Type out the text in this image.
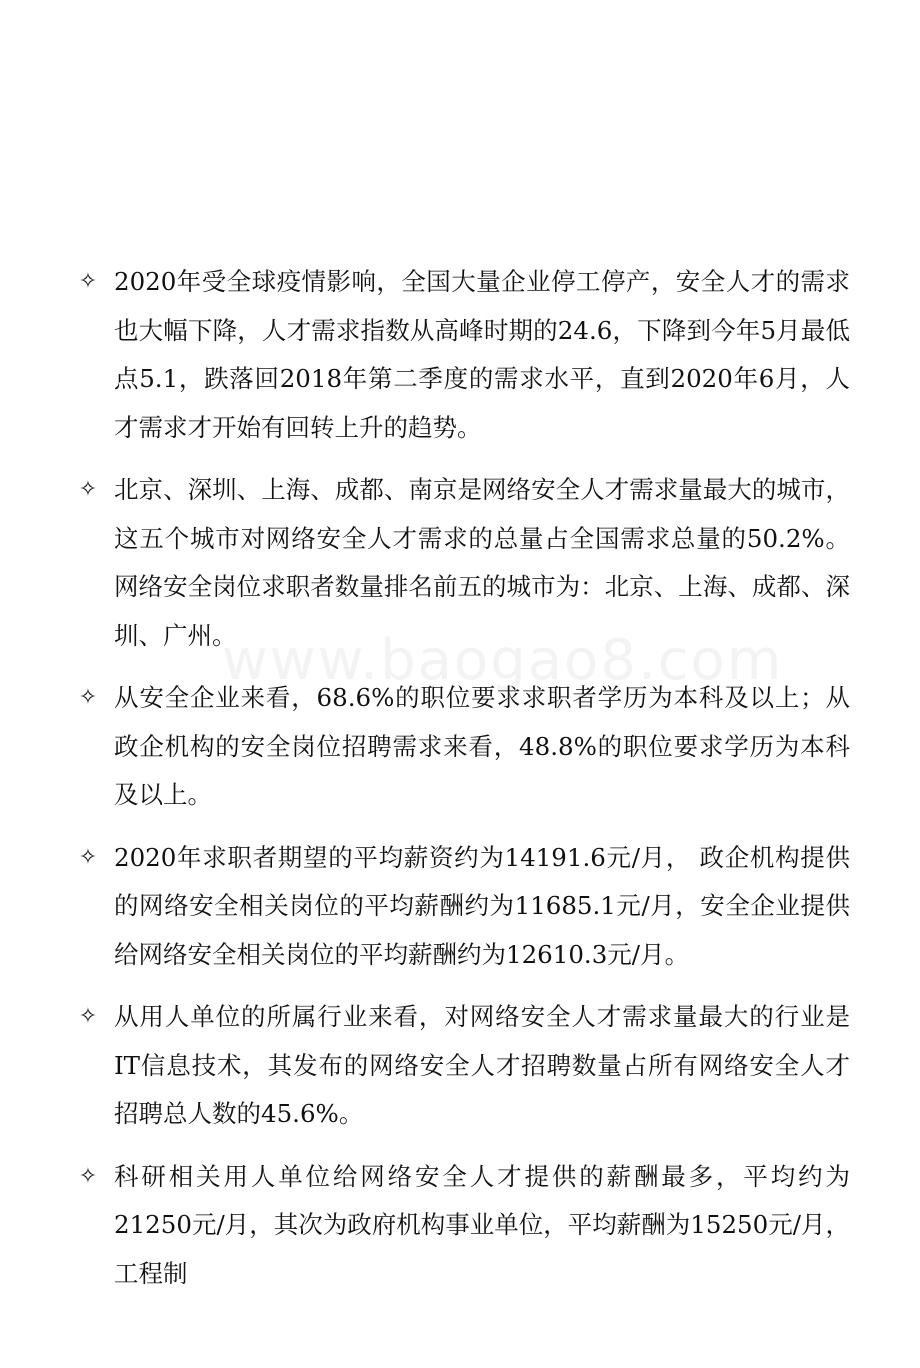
www.baogao8.com
✧ 2020年受全球疫情影响，全国大量企业停工停产，安全人才的需求也大幅下降，人才需求指数从高峰时期的24.6，下降到今年5月最低点5.1，跌落回2018年第二季度的需求水平，直到2020年6月，人才需求才开始有回转上升的趋势。
✧ 北京、深圳、上海、成都、南京是网络安全人才需求量最大的城市，这五个城市对网络安全人才需求的总量占全国需求总量的50.2%。网络安全岗位求职者数量排名前五的城市为：北京、上海、成都、深圳、广州。
✧ 从安全企业来看，68.6%的职位要求求职者学历为本科及以上；从政企机构的安全岗位招聘需求来看，48.8%的职位要求学历为本科及以上。
✧ 2020年求职者期望的平均薪资约为14191.6元/月， 政企机构提供的网络安全相关岗位的平均薪酬约为11685.1元/月，安全企业提供给网络安全相关岗位的平均薪酬约为12610.3元/月。
✧ 从用人单位的所属行业来看，对网络安全人才需求量最大的行业是IT信息技术，其发布的网络安全人才招聘数量占所有网络安全人才招聘总人数的45.6%。
✧ 科研相关用人单位给网络安全人才提供的薪酬最多，平均约为21250元/月，其次为政府机构事业单位，平均薪酬为15250元/月，工程制
